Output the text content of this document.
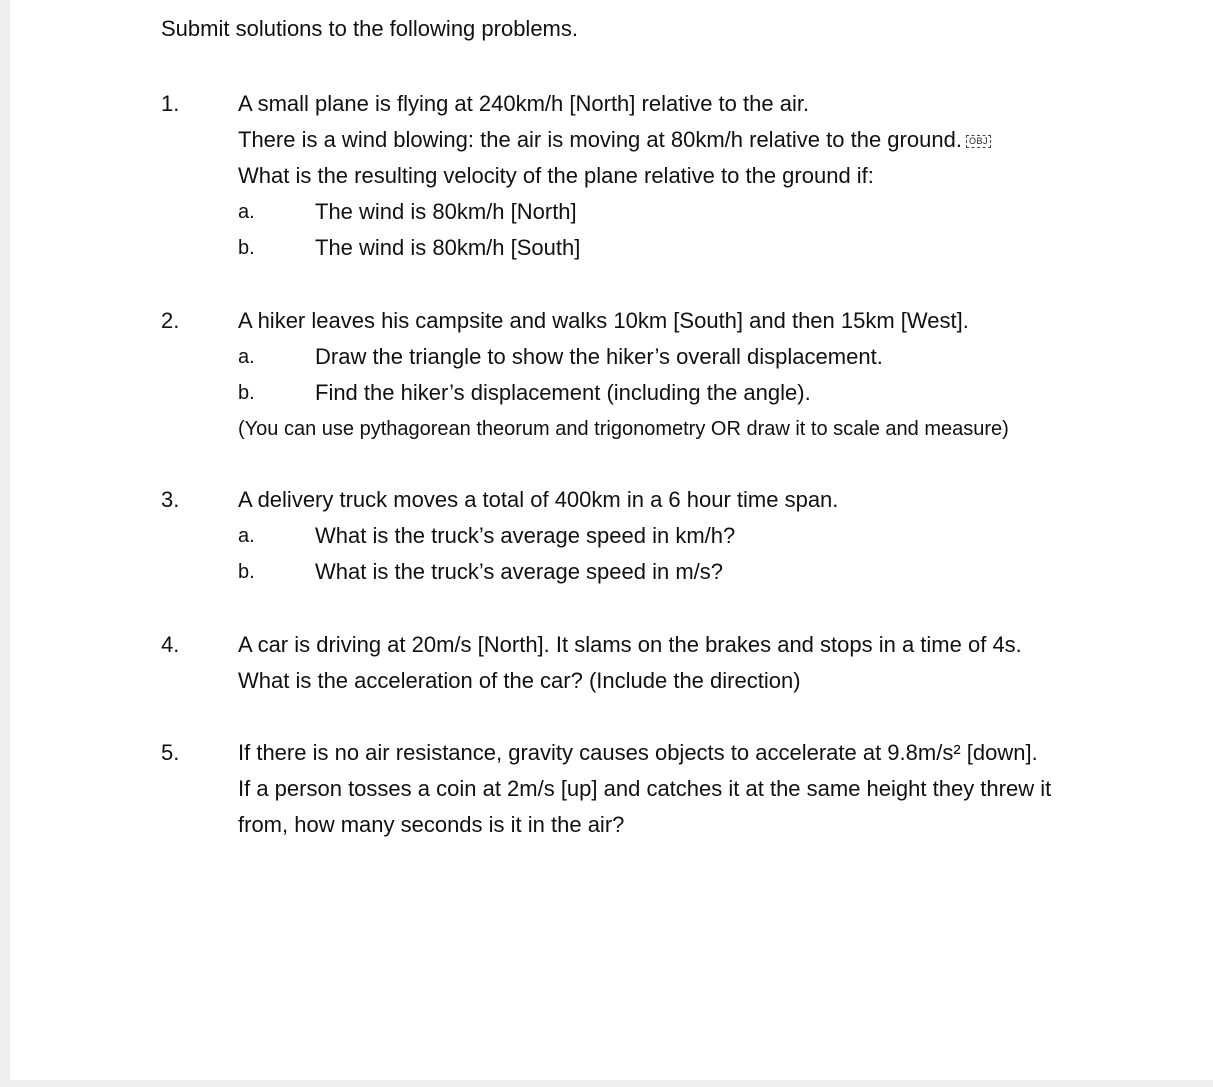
Submit solutions to the following problems.

1.	A small plane is flying at 240km/h [North] relative to the air.

There is a wind blowing: the air is moving at 80km/h relative to the ground. OBJ

What is the resulting velocity of the plane relative to the ground if:

a.	The wind is 80km/h [North]
b.	The wind is 80km/h [South]
2.	A hiker leaves his campsite and walks 10km [South] and then 15km [West].

a.	Draw the triangle to show the hiker’s overall displacement.
b.	Find the hiker’s displacement (including the angle).

(You can use pythagorean theorum and trigonometry OR draw it to scale and measure)

3.	A delivery truck moves a total of 400km in a 6 hour time span.

a.	What is the truck’s average speed in km/h?
b.	What is the truck’s average speed in m/s?
4.	A car is driving at 20m/s [North]. It slams on the brakes and stops in a time of 4s.

What is the acceleration of the car? (Include the direction)

5.	If there is no air resistance, gravity causes objects to accelerate at 9.8m/s² [down].

If a person tosses a coin at 2m/s [up] and catches it at the same height they threw it

from, how many seconds is it in the air?
